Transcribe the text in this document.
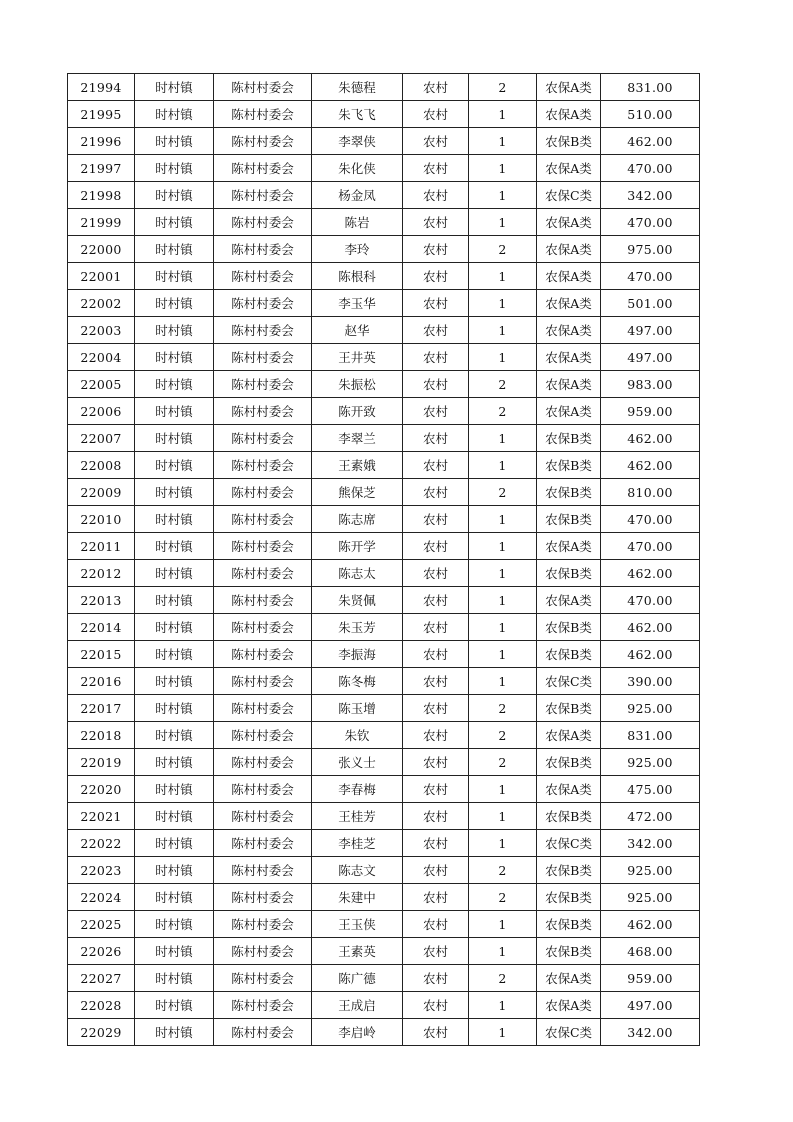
21994	时村镇	陈村村委会	朱德程	农村	2	农保A类	831.00
21995	时村镇	陈村村委会	朱飞飞	农村	1	农保A类	510.00
21996	时村镇	陈村村委会	李翠侠	农村	1	农保B类	462.00
21997	时村镇	陈村村委会	朱化侠	农村	1	农保A类	470.00
21998	时村镇	陈村村委会	杨金凤	农村	1	农保C类	342.00
21999	时村镇	陈村村委会	陈岩	农村	1	农保A类	470.00
22000	时村镇	陈村村委会	李玲	农村	2	农保A类	975.00
22001	时村镇	陈村村委会	陈根科	农村	1	农保A类	470.00
22002	时村镇	陈村村委会	李玉华	农村	1	农保A类	501.00
22003	时村镇	陈村村委会	赵华	农村	1	农保A类	497.00
22004	时村镇	陈村村委会	王井英	农村	1	农保A类	497.00
22005	时村镇	陈村村委会	朱振松	农村	2	农保A类	983.00
22006	时村镇	陈村村委会	陈开致	农村	2	农保A类	959.00
22007	时村镇	陈村村委会	李翠兰	农村	1	农保B类	462.00
22008	时村镇	陈村村委会	王素娥	农村	1	农保B类	462.00
22009	时村镇	陈村村委会	熊保芝	农村	2	农保B类	810.00
22010	时村镇	陈村村委会	陈志席	农村	1	农保B类	470.00
22011	时村镇	陈村村委会	陈开学	农村	1	农保A类	470.00
22012	时村镇	陈村村委会	陈志太	农村	1	农保B类	462.00
22013	时村镇	陈村村委会	朱贤佩	农村	1	农保A类	470.00
22014	时村镇	陈村村委会	朱玉芳	农村	1	农保B类	462.00
22015	时村镇	陈村村委会	李振海	农村	1	农保B类	462.00
22016	时村镇	陈村村委会	陈冬梅	农村	1	农保C类	390.00
22017	时村镇	陈村村委会	陈玉增	农村	2	农保B类	925.00
22018	时村镇	陈村村委会	朱钦	农村	2	农保A类	831.00
22019	时村镇	陈村村委会	张义士	农村	2	农保B类	925.00
22020	时村镇	陈村村委会	李春梅	农村	1	农保A类	475.00
22021	时村镇	陈村村委会	王桂芳	农村	1	农保B类	472.00
22022	时村镇	陈村村委会	李桂芝	农村	1	农保C类	342.00
22023	时村镇	陈村村委会	陈志文	农村	2	农保B类	925.00
22024	时村镇	陈村村委会	朱建中	农村	2	农保B类	925.00
22025	时村镇	陈村村委会	王玉侠	农村	1	农保B类	462.00
22026	时村镇	陈村村委会	王素英	农村	1	农保B类	468.00
22027	时村镇	陈村村委会	陈广德	农村	2	农保A类	959.00
22028	时村镇	陈村村委会	王成启	农村	1	农保A类	497.00
22029	时村镇	陈村村委会	李启岭	农村	1	农保C类	342.00
